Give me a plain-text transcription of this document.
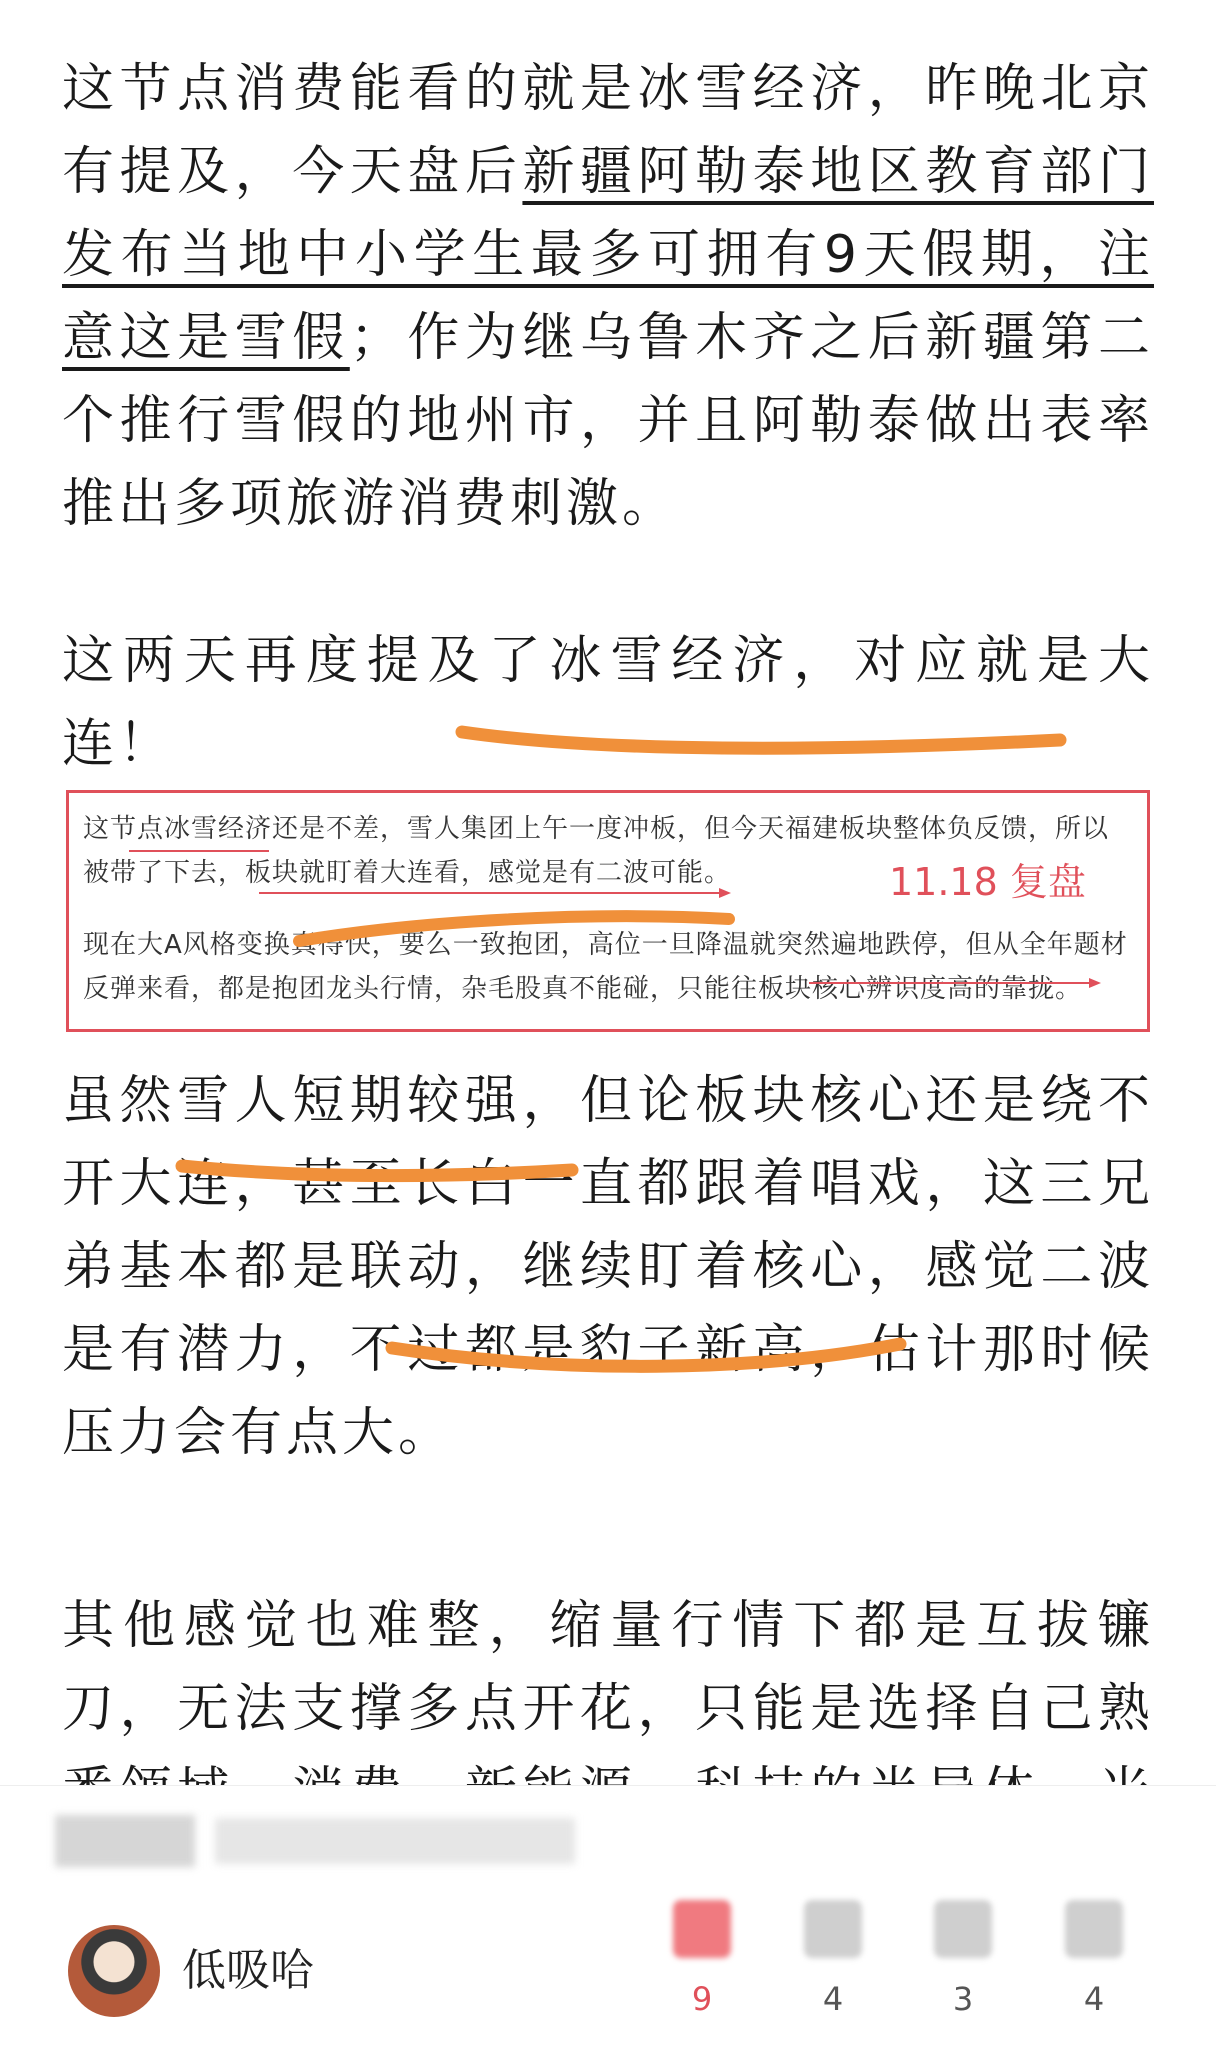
这节点消费能看的就是冰雪经济，昨晚北京有提及，今天盘后新疆阿勒泰地区教育部门发布当地中小学生最多可拥有9天假期，注意这是雪假；作为继乌鲁木齐之后新疆第二个推行雪假的地州市，并且阿勒泰做出表率推出多项旅游消费刺激。

这两天再度提及了冰雪经济，对应就是大连！

这节点冰雪经济还是不差，雪人集团上午一度冲板，但今天福建板块整体负反馈，所以被带了下去，板块就盯着大连看，感觉是有二波可能。	11.18 复盘

现在大A风格变换真得快，要么一致抱团，高位一旦降温就突然遍地跌停，但从全年题材反弹来看，都是抱团龙头行情，杂毛股真不能碰，只能往板块核心辨识度高的靠拢。

虽然雪人短期较强，但论板块核心还是绕不开大连，甚至长白一直都跟着唱戏，这三兄弟基本都是联动，继续盯着核心，感觉二波是有潜力，不过都是豹子新高，估计那时候压力会有点大。

其他感觉也难整，缩量行情下都是互拔镰刀，无法支撑多点开花，只能是选择自己熟

低吸哈
9	4	3	4
